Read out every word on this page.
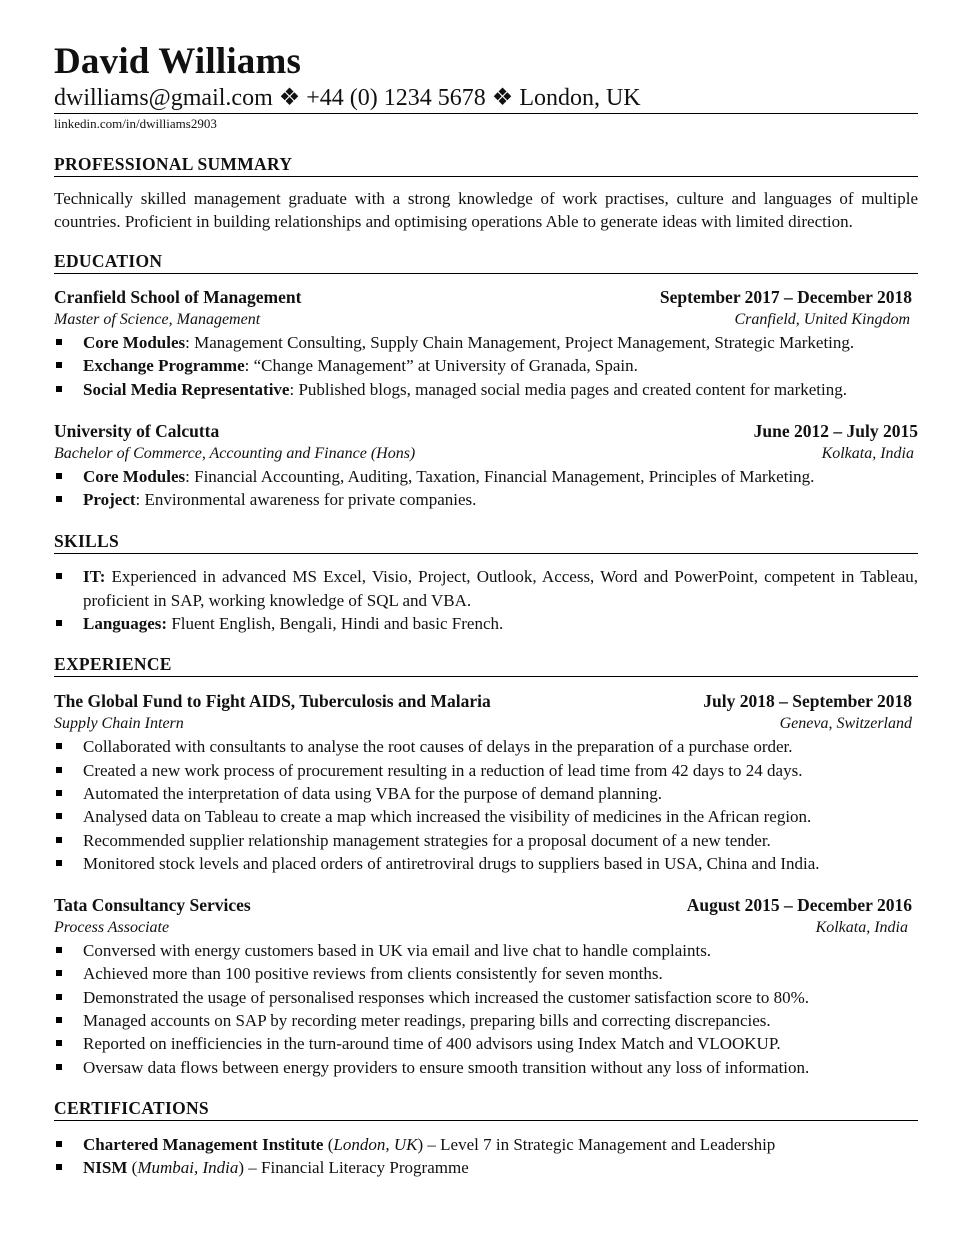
David Williams
dwilliams@gmail.com ❖ +44 (0) 1234 5678 ❖ London, UK
linkedin.com/in/dwilliams2903
PROFESSIONAL SUMMARY
Technically skilled management graduate with a strong knowledge of work practises, culture and languages of multiple countries. Proficient in building relationships and optimising operations Able to generate ideas with limited direction.
EDUCATION
Cranfield School of Management	September 2017 – December 2018
Master of Science, Management	Cranfield, United Kingdom
Core Modules: Management Consulting, Supply Chain Management, Project Management, Strategic Marketing.
Exchange Programme: “Change Management” at University of Granada, Spain.
Social Media Representative: Published blogs, managed social media pages and created content for marketing.
University of Calcutta	June 2012 – July 2015
Bachelor of Commerce, Accounting and Finance (Hons)	Kolkata, India
Core Modules: Financial Accounting, Auditing, Taxation, Financial Management, Principles of Marketing.
Project: Environmental awareness for private companies.
SKILLS
IT: Experienced in advanced MS Excel, Visio, Project, Outlook, Access, Word and PowerPoint, competent in Tableau, proficient in SAP, working knowledge of SQL and VBA.
Languages: Fluent English, Bengali, Hindi and basic French.
EXPERIENCE
The Global Fund to Fight AIDS, Tuberculosis and Malaria	July 2018 – September 2018
Supply Chain Intern	Geneva, Switzerland
Collaborated with consultants to analyse the root causes of delays in the preparation of a purchase order.
Created a new work process of procurement resulting in a reduction of lead time from 42 days to 24 days.
Automated the interpretation of data using VBA for the purpose of demand planning.
Analysed data on Tableau to create a map which increased the visibility of medicines in the African region.
Recommended supplier relationship management strategies for a proposal document of a new tender.
Monitored stock levels and placed orders of antiretroviral drugs to suppliers based in USA, China and India.
Tata Consultancy Services	August 2015 – December 2016
Process Associate	Kolkata, India
Conversed with energy customers based in UK via email and live chat to handle complaints.
Achieved more than 100 positive reviews from clients consistently for seven months.
Demonstrated the usage of personalised responses which increased the customer satisfaction score to 80%.
Managed accounts on SAP by recording meter readings, preparing bills and correcting discrepancies.
Reported on inefficiencies in the turn-around time of 400 advisors using Index Match and VLOOKUP.
Oversaw data flows between energy providers to ensure smooth transition without any loss of information.
CERTIFICATIONS
Chartered Management Institute (London, UK) – Level 7 in Strategic Management and Leadership
NISM (Mumbai, India) – Financial Literacy Programme
